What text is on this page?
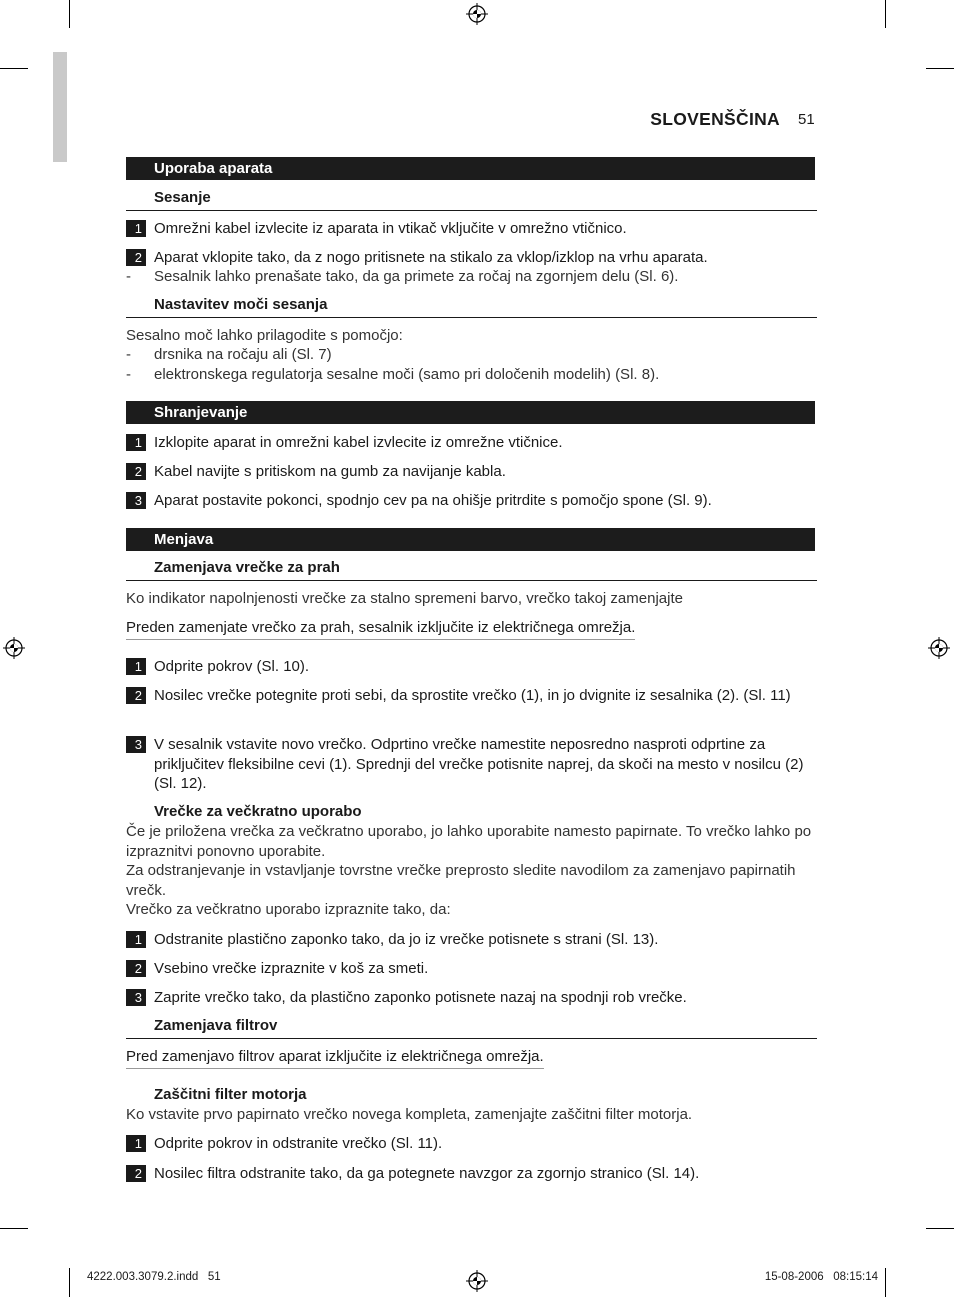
SLOVENŠČINA 51
Uporaba aparata
Sesanje
1 Omrežni kabel izvlecite iz aparata in vtikač vključite v omrežno vtičnico.
2 Aparat vklopite tako, da z nogo pritisnete na stikalo za vklop/izklop na vrhu aparata.
- Sesalnik lahko prenašate tako, da ga primete za ročaj na zgornjem delu (Sl. 6).
Nastavitev moči sesanja
Sesalno moč lahko prilagodite s pomočjo:
- drsnika na ročaju ali (Sl. 7)
- elektronskega regulatorja sesalne moči (samo pri določenih modelih) (Sl. 8).
Shranjevanje
1 Izklopite aparat in omrežni kabel izvlecite iz omrežne vtičnice.
2 Kabel navijte s pritiskom na gumb za navijanje kabla.
3 Aparat postavite pokonci, spodnjo cev pa na ohišje pritrdite s pomočjo spone (Sl. 9).
Menjava
Zamenjava vrečke za prah
Ko indikator napolnjenosti vrečke za stalno spremeni barvo, vrečko takoj zamenjajte
Preden zamenjate vrečko za prah, sesalnik izključite iz električnega omrežja.
1 Odprite pokrov (Sl. 10).
2 Nosilec vrečke potegnite proti sebi, da sprostite vrečko (1), in jo dvignite iz sesalnika (2). (Sl. 11)
3 V sesalnik vstavite novo vrečko. Odprtino vrečke namestite neposredno nasproti odprtine za priključitev fleksibilne cevi (1). Sprednji del vrečke potisnite naprej, da skoči na mesto v nosilcu (2) (Sl. 12).
Vrečke za večkratno uporabo
Če je priložena vrečka za večkratno uporabo, jo lahko uporabite namesto papirnate. To vrečko lahko po izpraznitvi ponovno uporabite.
Za odstranjevanje in vstavljanje tovrstne vrečke preprosto sledite navodilom za zamenjavo papirnatih vrečk.
Vrečko za večkratno uporabo izpraznite tako, da:
1 Odstranite plastično zaponko tako, da jo iz vrečke potisnete s strani (Sl. 13).
2 Vsebino vrečke izpraznite v koš za smeti.
3 Zaprite vrečko tako, da plastično zaponko potisnete nazaj na spodnji rob vrečke.
Zamenjava filtrov
Pred zamenjavo filtrov aparat izključite iz električnega omrežja.
Zaščitni filter motorja
Ko vstavite prvo papirnato vrečko novega kompleta, zamenjajte zaščitni filter motorja.
1 Odprite pokrov in odstranite vrečko (Sl. 11).
2 Nosilec filtra odstranite tako, da ga potegnete navzgor za zgornjo stranico (Sl. 14).
4222.003.3079.2.indd   51	15-08-2006   08:15:14
